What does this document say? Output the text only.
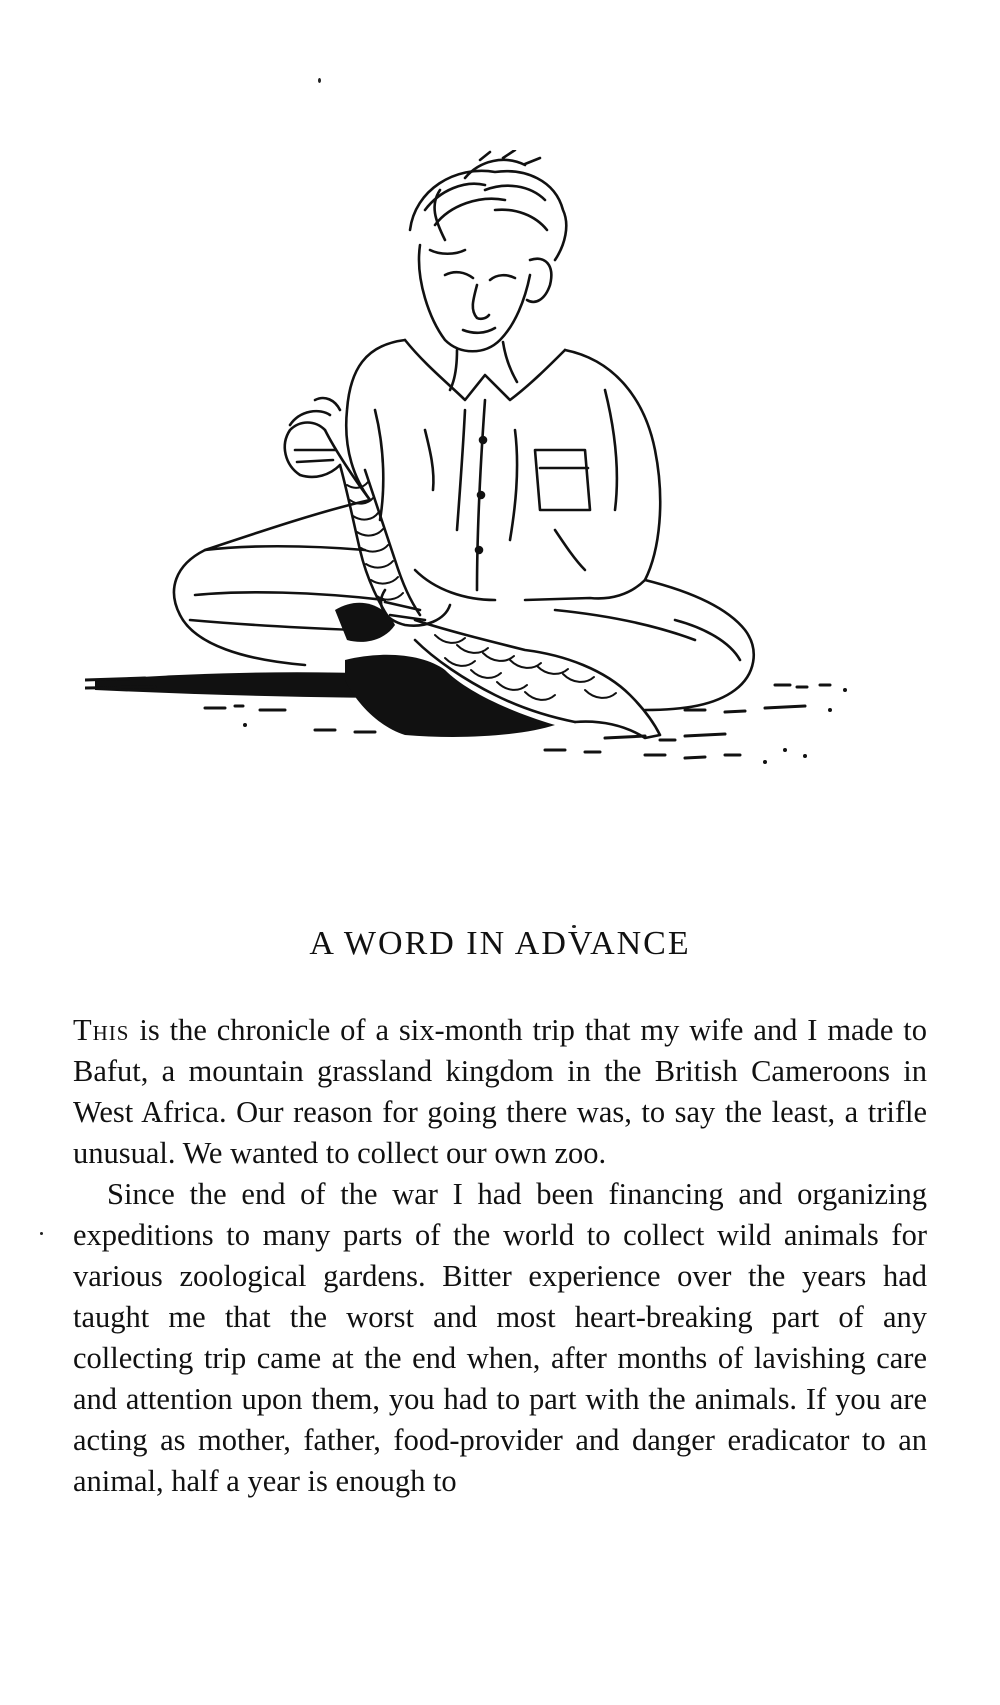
A WORD IN ADVANCE

This is the chronicle of a six-month trip that my wife and I made to Bafut, a mountain grassland kingdom in the British Cameroons in West Africa. Our reason for going there was, to say the least, a trifle unusual. We wanted to collect our own zoo.

Since the end of the war I had been financing and organizing expeditions to many parts of the world to collect wild animals for various zoological gardens. Bitter experience over the years had taught me that the worst and most heart-breaking part of any collecting trip came at the end when, after months of lavishing care and attention upon them, you had to part with the animals. If you are acting as mother, father, food-provider and danger eradicator to an animal, half a year is enough to
